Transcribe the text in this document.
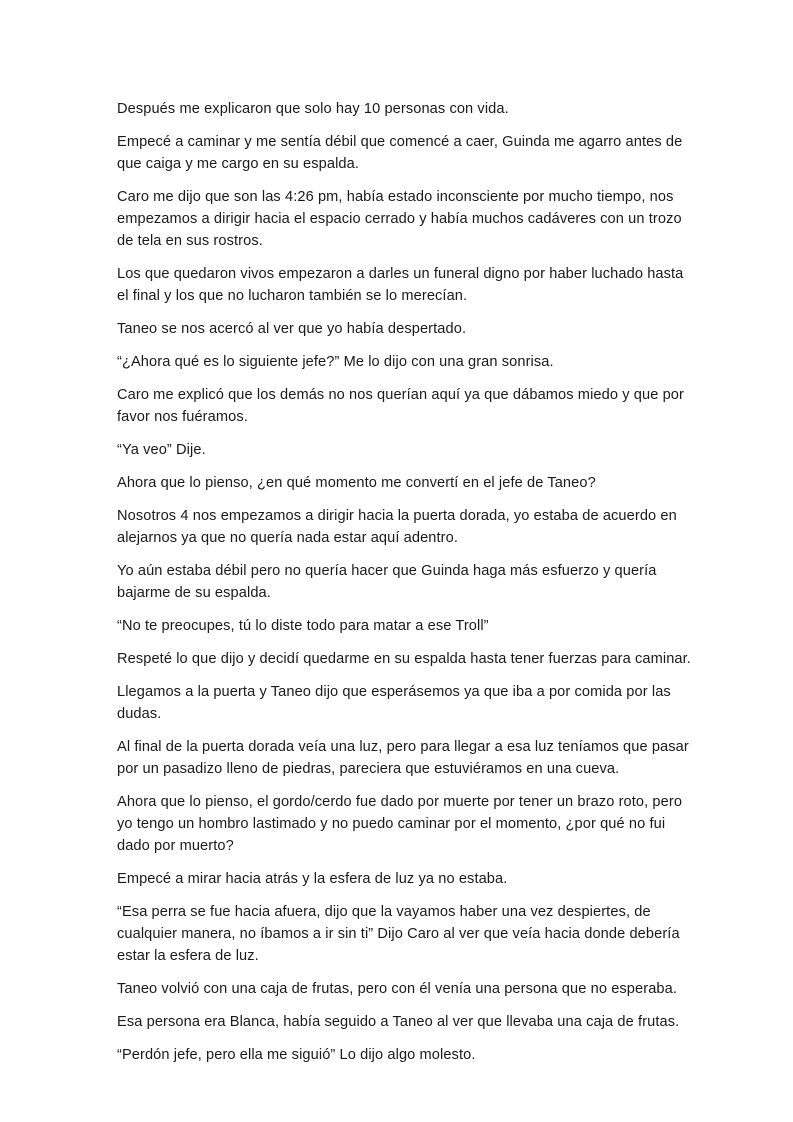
Después me explicaron que solo hay 10 personas con vida.

Empecé a caminar y me sentía débil que comencé a caer, Guinda me agarro antes de que caiga y me cargo en su espalda.

Caro me dijo que son las 4:26 pm, había estado inconsciente por mucho tiempo, nos empezamos a dirigir hacia el espacio cerrado y había muchos cadáveres con un trozo de tela en sus rostros.

Los que quedaron vivos empezaron a darles un funeral digno por haber luchado hasta el final y los que no lucharon también se lo merecían.

Taneo se nos acercó al ver que yo había despertado.

“¿Ahora qué es lo siguiente jefe?” Me lo dijo con una gran sonrisa.

Caro me explicó que los demás no nos querían aquí ya que dábamos miedo y que por favor nos fuéramos.

“Ya veo” Dije.

Ahora que lo pienso, ¿en qué momento me convertí en el jefe de Taneo?

Nosotros 4 nos empezamos a dirigir hacia la puerta dorada, yo estaba de acuerdo en alejarnos ya que no quería nada estar aquí adentro.

Yo aún estaba débil pero no quería hacer que Guinda haga más esfuerzo y quería bajarme de su espalda.

“No te preocupes, tú lo diste todo para matar a ese Troll”

Respeté lo que dijo y decidí quedarme en su espalda hasta tener fuerzas para caminar.

Llegamos a la puerta y Taneo dijo que esperásemos ya que iba a por comida por las dudas.

Al final de la puerta dorada veía una luz, pero para llegar a esa luz teníamos que pasar por un pasadizo lleno de piedras, pareciera que estuviéramos en una cueva.

Ahora que lo pienso, el gordo/cerdo fue dado por muerte por tener un brazo roto, pero yo tengo un hombro lastimado y no puedo caminar por el momento, ¿por qué no fui dado por muerto?

Empecé a mirar hacia atrás y la esfera de luz ya no estaba.

“Esa perra se fue hacia afuera, dijo que la vayamos haber una vez despiertes, de cualquier manera, no íbamos a ir sin ti” Dijo Caro al ver que veía hacia donde debería estar la esfera de luz.

Taneo volvió con una caja de frutas, pero con él venía una persona que no esperaba.

Esa persona era Blanca, había seguido a Taneo al ver que llevaba una caja de frutas.

“Perdón jefe, pero ella me siguió” Lo dijo algo molesto.
